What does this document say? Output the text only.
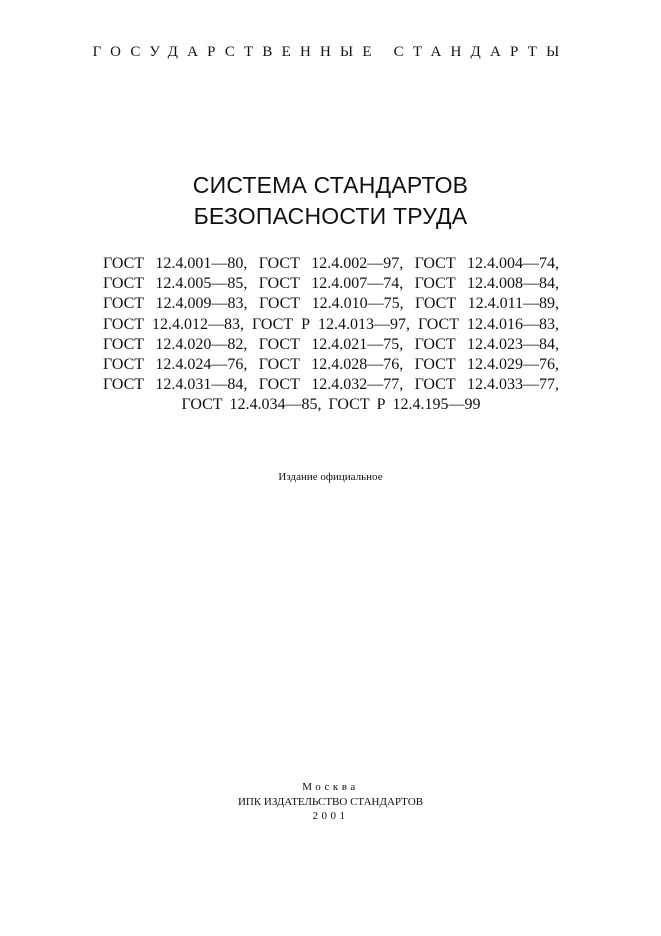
ГОСУДАРСТВЕННЫЕ СТАНДАРТЫ
СИСТЕМА СТАНДАРТОВ
БЕЗОПАСНОСТИ ТРУДА
ГОСТ 12.4.001—80, ГОСТ 12.4.002—97, ГОСТ 12.4.004—74,
ГОСТ 12.4.005—85, ГОСТ 12.4.007—74, ГОСТ 12.4.008—84,
ГОСТ 12.4.009—83, ГОСТ 12.4.010—75, ГОСТ 12.4.011—89,
ГОСТ 12.4.012—83, ГОСТ Р 12.4.013—97, ГОСТ 12.4.016—83,
ГОСТ 12.4.020—82, ГОСТ 12.4.021—75, ГОСТ 12.4.023—84,
ГОСТ 12.4.024—76, ГОСТ 12.4.028—76, ГОСТ 12.4.029—76,
ГОСТ 12.4.031—84, ГОСТ 12.4.032—77, ГОСТ 12.4.033—77,
ГОСТ 12.4.034—85, ГОСТ Р 12.4.195—99
Издание официальное
Москва
ИПК ИЗДАТЕЛЬСТВО СТАНДАРТОВ
2001
